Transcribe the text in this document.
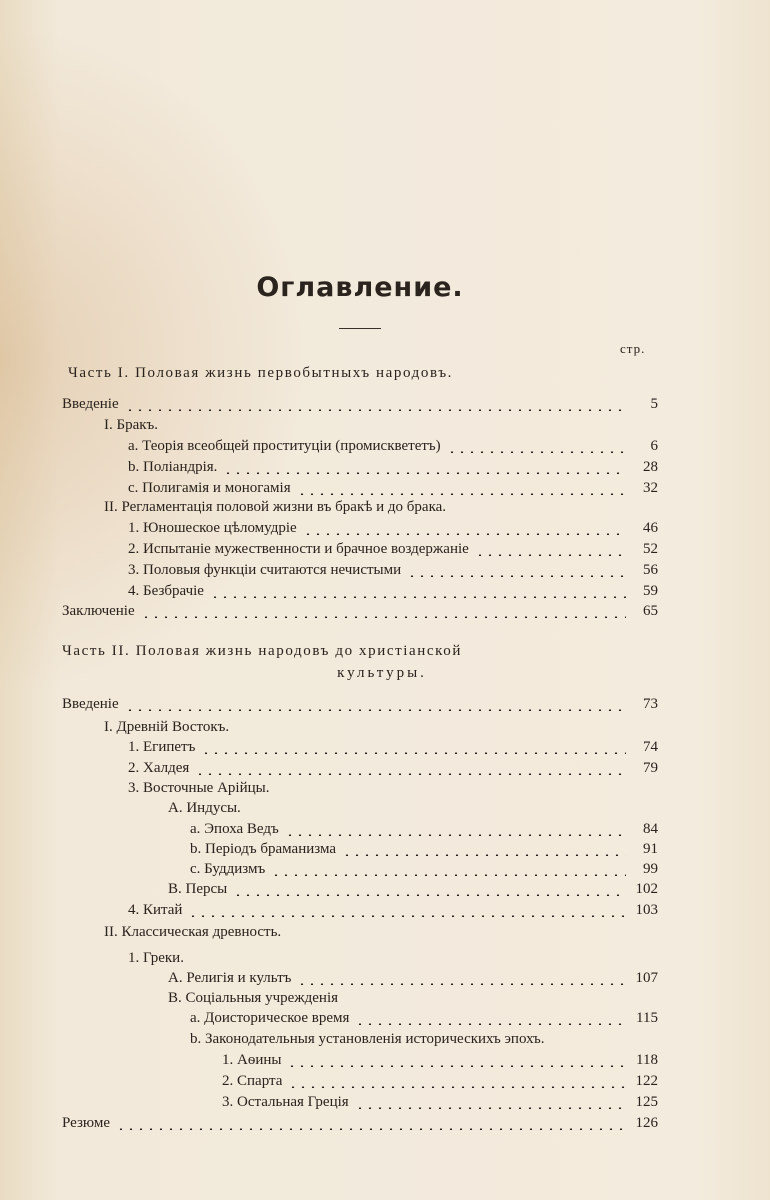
Оглавление.
стр.
Часть I. Половая жизнь первобытныхъ народовъ.
Часть II. Половая жизнь народовъ до христіанской
культуры.
Введеніе	5
I. Бракъ.
a. Теорія всеобщей проституціи (промисквететъ)	6
b. Поліандрія.	28
c. Полигамія и моногамія	32
II. Регламентація половой жизни въ бракѣ и до брака.
1. Юношеское цѣломудріе	46
2. Испытаніе мужественности и брачное воздержаніе	52
3. Половыя функціи считаются нечистыми	56
4. Безбрачіе	59
Заключеніе	65
Введеніе	73
I. Древній Востокъ.
1. Египетъ	74
2. Халдея	79
3. Восточные Арійцы.
A. Индусы.
a. Эпоха Ведъ	84
b. Періодъ браманизма	91
c. Буддизмъ	99
B. Персы	102
4. Китай	103
II. Классическая древность.
1. Греки.
A. Религія и культъ	107
B. Соціальныя учрежденія
a. Доисторическое время	115
b. Законодательныя установленія историческихъ эпохъ.
1. Аѳины	118
2. Спарта	122
3. Остальная Греція	125
Резюме	126
